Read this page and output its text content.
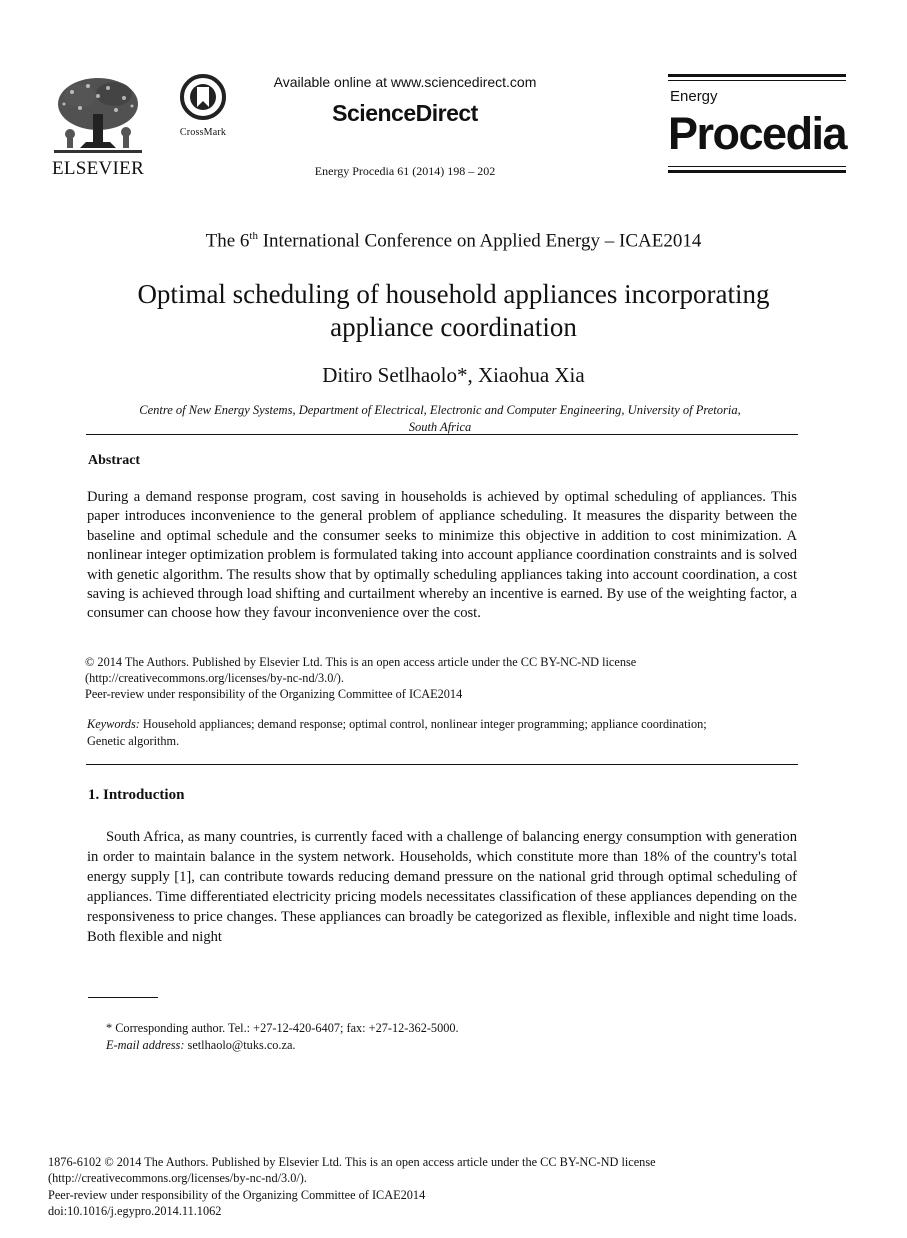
ELSEVIER
CrossMark
Available online at www.sciencedirect.com
ScienceDirect
Energy Procedia 61 (2014) 198 – 202
Energy
Procedia
The 6th International Conference on Applied Energy – ICAE2014
Optimal scheduling of household appliances incorporating
appliance coordination
Ditiro Setlhaolo*, Xiaohua Xia
Centre of New Energy Systems, Department of Electrical, Electronic and Computer Engineering, University of Pretoria,
South Africa
Abstract
During a demand response program, cost saving in households is achieved by optimal scheduling of appliances. This paper introduces inconvenience to the general problem of appliance scheduling. It measures the disparity between the baseline and optimal schedule and the consumer seeks to minimize this objective in addition to cost minimization. A nonlinear integer optimization problem is formulated taking into account appliance coordination constraints and is solved with genetic algorithm. The results show that by optimally scheduling appliances taking into account coordination, a cost saving is achieved through load shifting and curtailment whereby an incentive is earned. By use of the weighting factor, a consumer can choose how they favour inconvenience over the cost.
© 2014 The Authors. Published by Elsevier Ltd. This is an open access article under the CC BY-NC-ND license
(http://creativecommons.org/licenses/by-nc-nd/3.0/).
Peer-review under responsibility of the Organizing Committee of ICAE2014
Keywords: Household appliances; demand response; optimal control, nonlinear integer programming; appliance coordination;
Genetic algorithm.
1. Introduction
South Africa, as many countries, is currently faced with a challenge of balancing energy consumption with generation in order to maintain balance in the system network. Households, which constitute more than 18% of the country's total energy supply [1], can contribute towards reducing demand pressure on the national grid through optimal scheduling of appliances. Time differentiated electricity pricing models necessitates classification of these appliances depending on the responsiveness to price changes. These appliances can broadly be categorized as flexible, inflexible and night time loads. Both flexible and night
* Corresponding author. Tel.: +27-12-420-6407; fax: +27-12-362-5000.
E-mail address: setlhaolo@tuks.co.za.
1876-6102 © 2014 The Authors. Published by Elsevier Ltd. This is an open access article under the CC BY-NC-ND license
(http://creativecommons.org/licenses/by-nc-nd/3.0/).
Peer-review under responsibility of the Organizing Committee of ICAE2014
doi:10.1016/j.egypro.2014.11.1062
